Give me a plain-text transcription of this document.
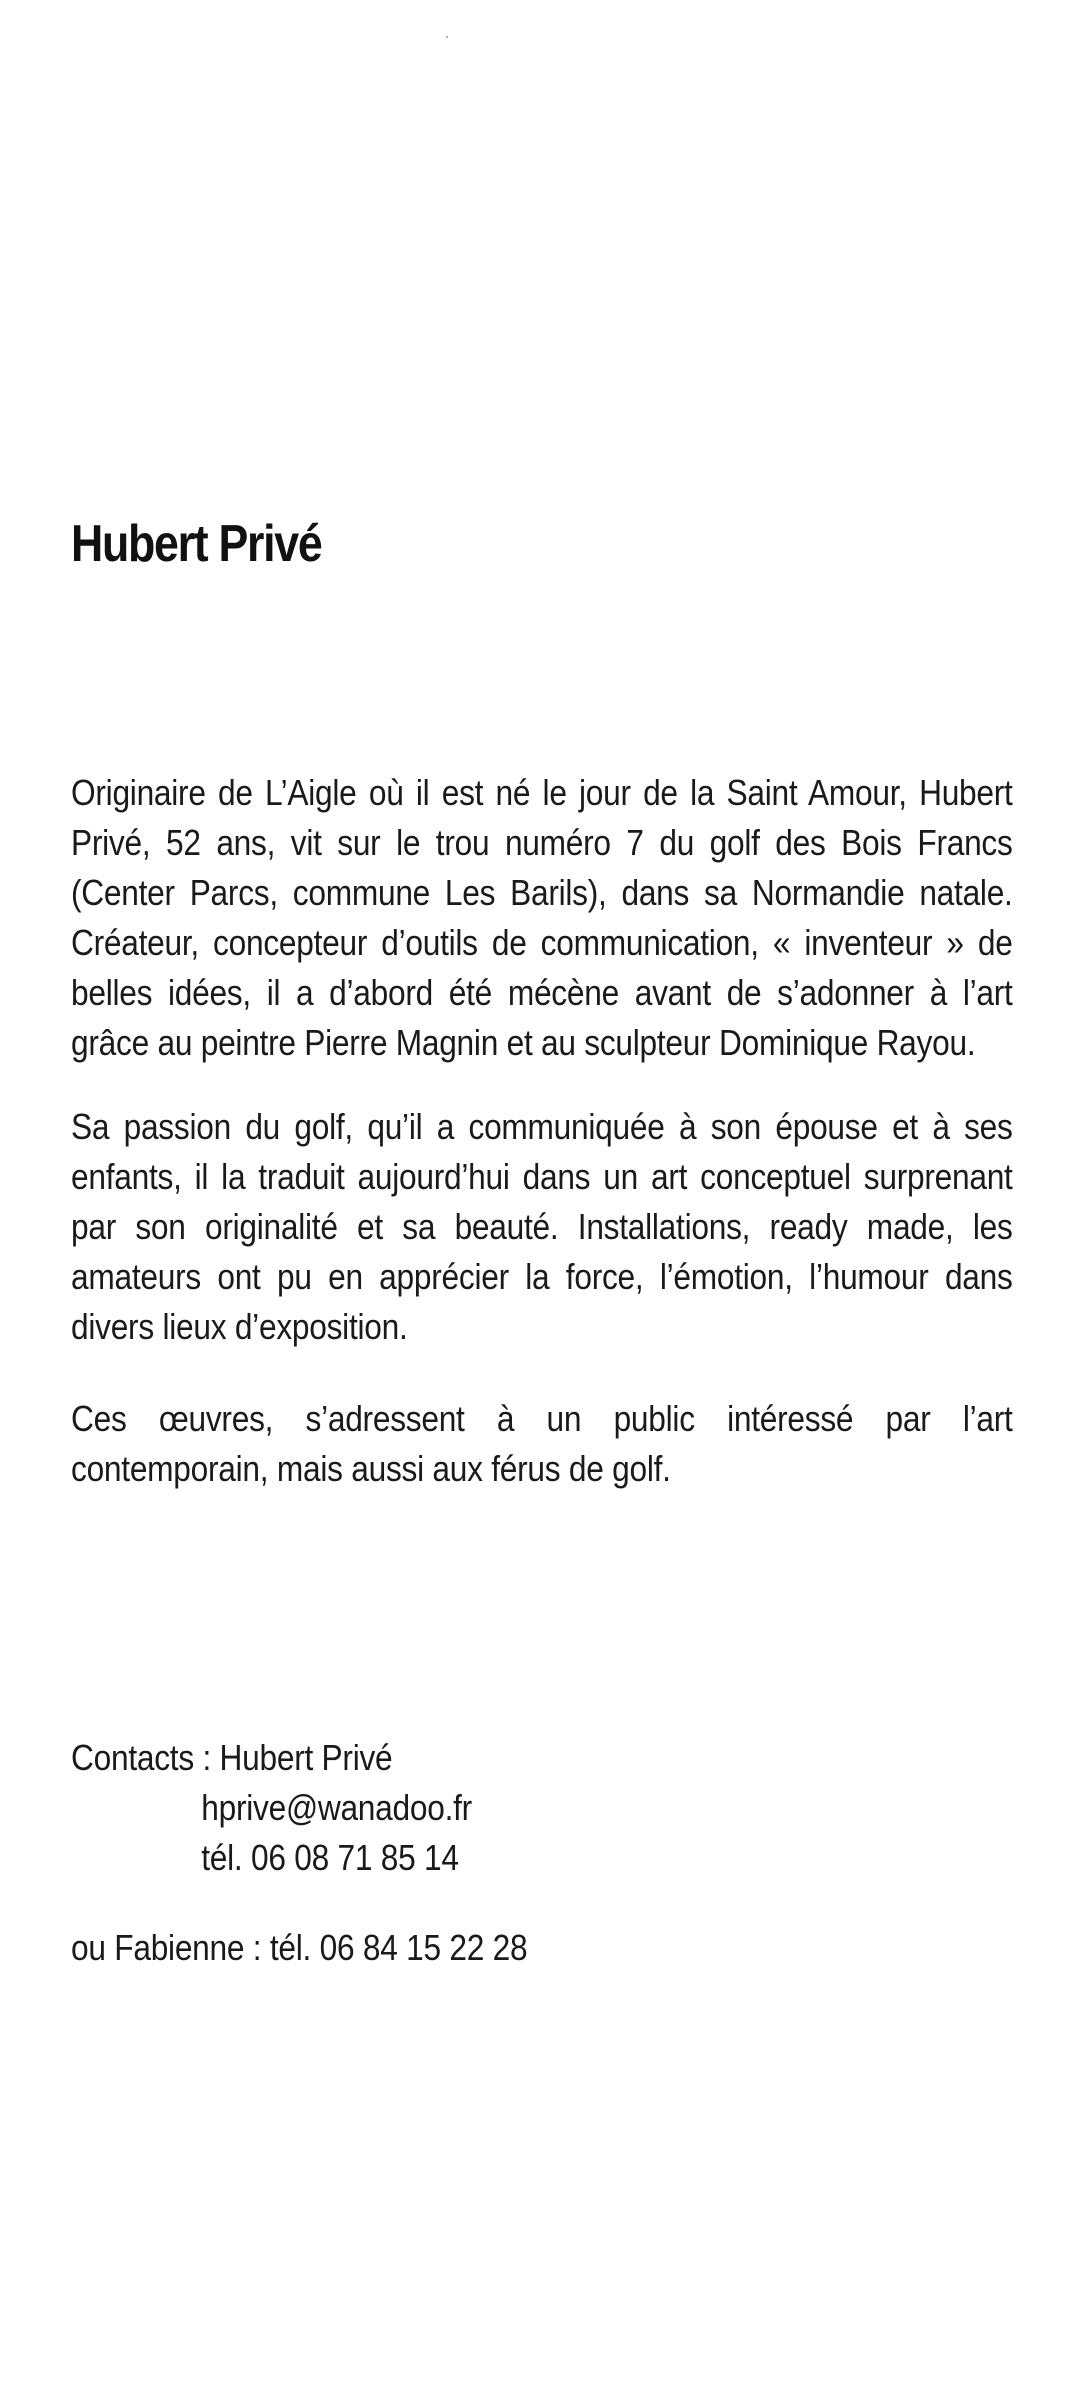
Hubert Privé

Originaire de L’Aigle où il est né le jour de la Saint Amour, Hubert Privé, 52 ans, vit sur le trou numéro 7 du golf des Bois Francs (Center Parcs, commune Les Barils), dans sa Normandie natale. Créateur, concepteur d’outils de communication, « inventeur » de belles idées, il a d’abord été mécène avant de s’adonner à l’art grâce au peintre Pierre Magnin et au sculpteur Dominique Rayou.

Sa passion du golf, qu’il a communiquée à son épouse et à ses enfants, il la traduit aujourd’hui dans un art conceptuel surprenant par son originalité et sa beauté. Installations, ready made, les amateurs ont pu en apprécier la force, l’émotion, l’humour dans divers lieux d’exposition.

Ces œuvres, s’adressent à un public intéressé par l’art contemporain, mais aussi aux férus de golf.

Contacts : Hubert Privé
hprive@wanadoo.fr
tél. 06 08 71 85 14
ou Fabienne : tél. 06 84 15 22 28
